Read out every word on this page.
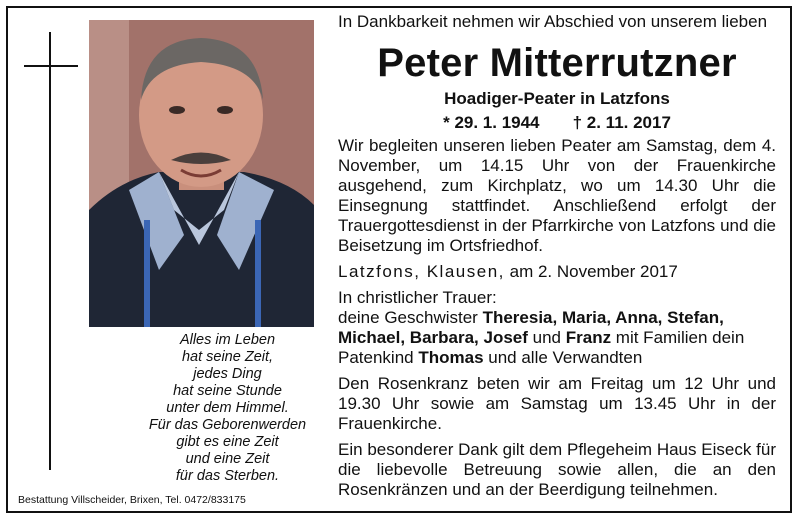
Alles im Leben
hat seine Zeit,
jedes Ding
hat seine Stunde
unter dem Himmel.
Für das Geborenwerden
gibt es eine Zeit
und eine Zeit
für das Sterben.
Bestattung Villscheider, Brixen, Tel. 0472/833175
In Dankbarkeit nehmen wir Abschied von unserem lieben
Peter Mitterrutzner
Hoadiger-Peater in Latzfons
* 29. 1. 1944 † 2. 11. 2017
Wir begleiten unseren lieben Peater am Samstag, dem 4. November, um 14.15 Uhr von der Frauenkirche ausgehend, zum Kirchplatz, wo um 14.30 Uhr die Einsegnung stattfindet. Anschließend erfolgt der Trauergottesdienst in der Pfarrkirche von Latzfons und die Beisetzung im Ortsfriedhof.
Latzfons, Klausen, am 2. November 2017
In christlicher Trauer:
deine Geschwister Theresia, Maria, Anna, Stefan, Michael, Barbara, Josef und Franz mit Familien dein Patenkind Thomas und alle Verwandten
Den Rosenkranz beten wir am Freitag um 12 Uhr und 19.30 Uhr sowie am Samstag um 13.45 Uhr in der Frauenkirche.
Ein besonderer Dank gilt dem Pflegeheim Haus Eiseck für die liebevolle Betreuung sowie allen, die an den Rosenkränzen und an der Beerdigung teilnehmen.
